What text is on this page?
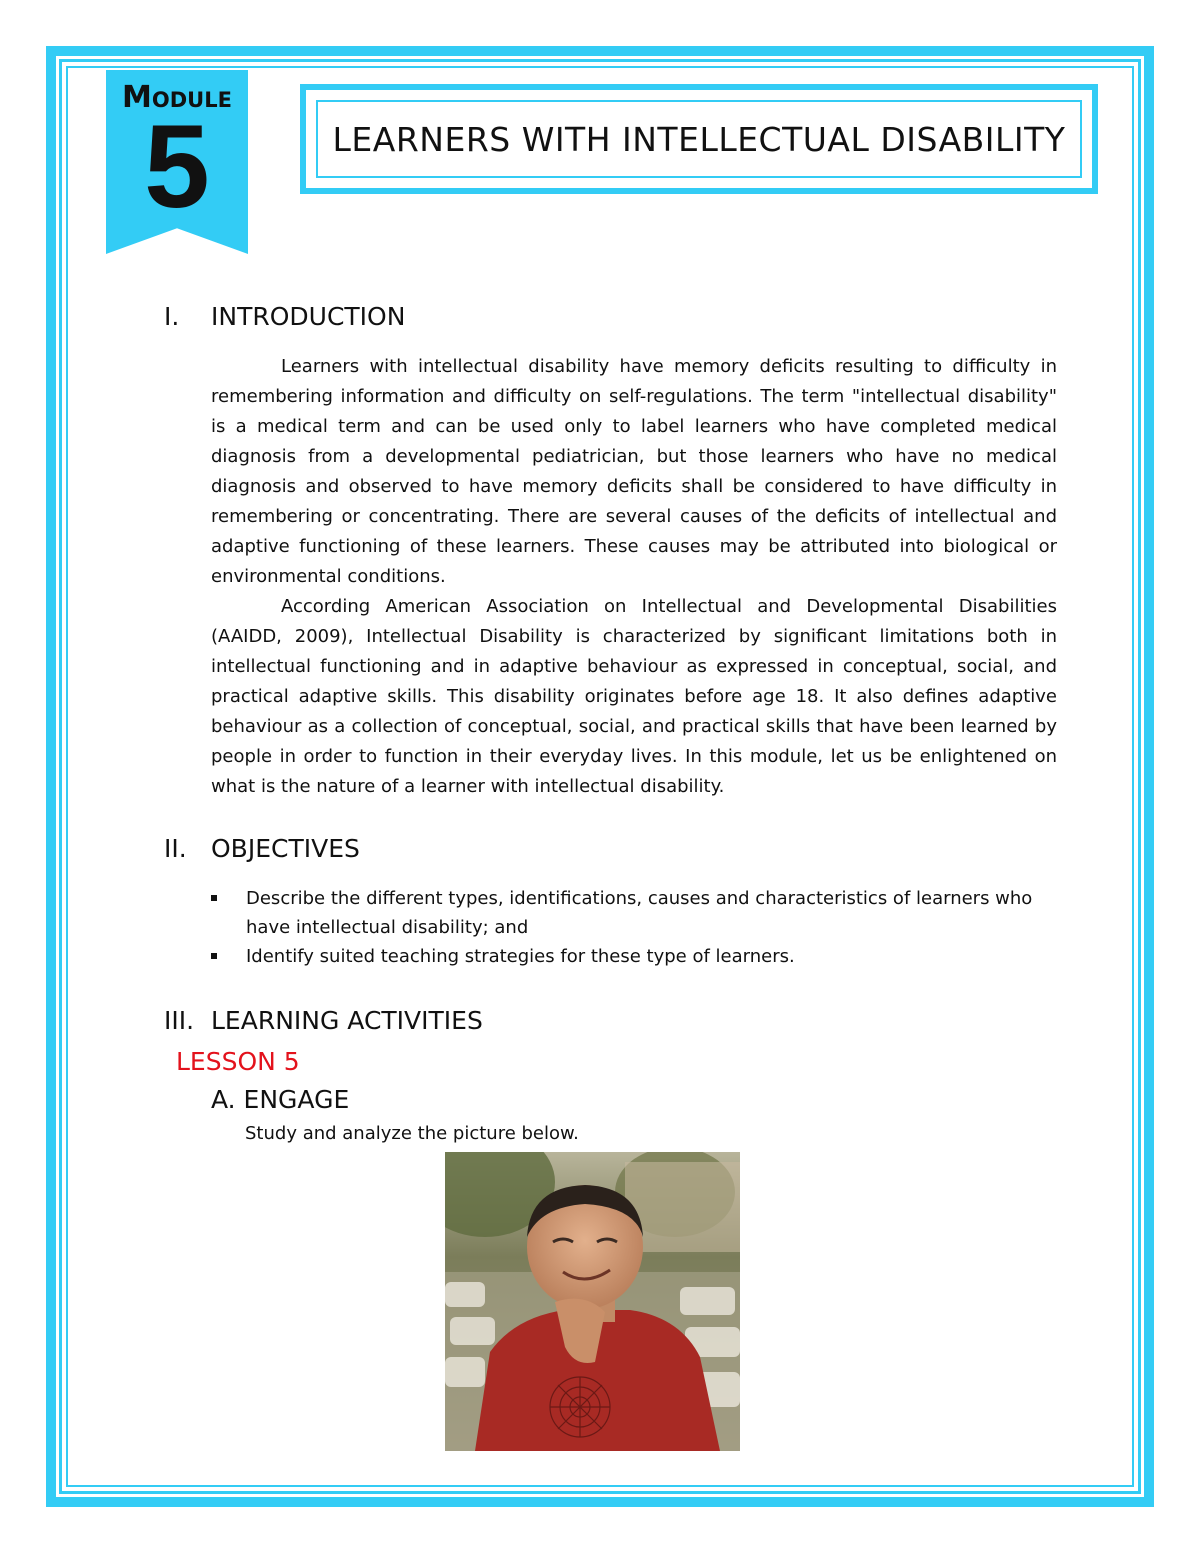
Module
5	LEARNERS WITH INTELLECTUAL DISABILITY
I. INTRODUCTION

Learners with intellectual disability have memory deficits resulting to difficulty in remembering information and difficulty on self-regulations. The term "intellectual disability" is a medical term and can be used only to label learners who have completed medical diagnosis from a developmental pediatrician, but those learners who have no medical diagnosis and observed to have memory deficits shall be considered to have difficulty in remembering or concentrating. There are several causes of the deficits of intellectual and adaptive functioning of these learners. These causes may be attributed into biological or environmental conditions.

According American Association on Intellectual and Developmental Disabilities (AAIDD, 2009), Intellectual Disability is characterized by significant limitations both in intellectual functioning and in adaptive behaviour as expressed in conceptual, social, and practical adaptive skills. This disability originates before age 18. It also defines adaptive behaviour as a collection of conceptual, social, and practical skills that have been learned by people in order to function in their everyday lives. In this module, let us be enlightened on what is the nature of a learner with intellectual disability.

II. OBJECTIVES
Describe the different types, identifications, causes and characteristics of learners who have intellectual disability; and
Identify suited teaching strategies for these type of learners.
III. LEARNING ACTIVITIES
LESSON 5
A. ENGAGE
Study and analyze the picture below.
